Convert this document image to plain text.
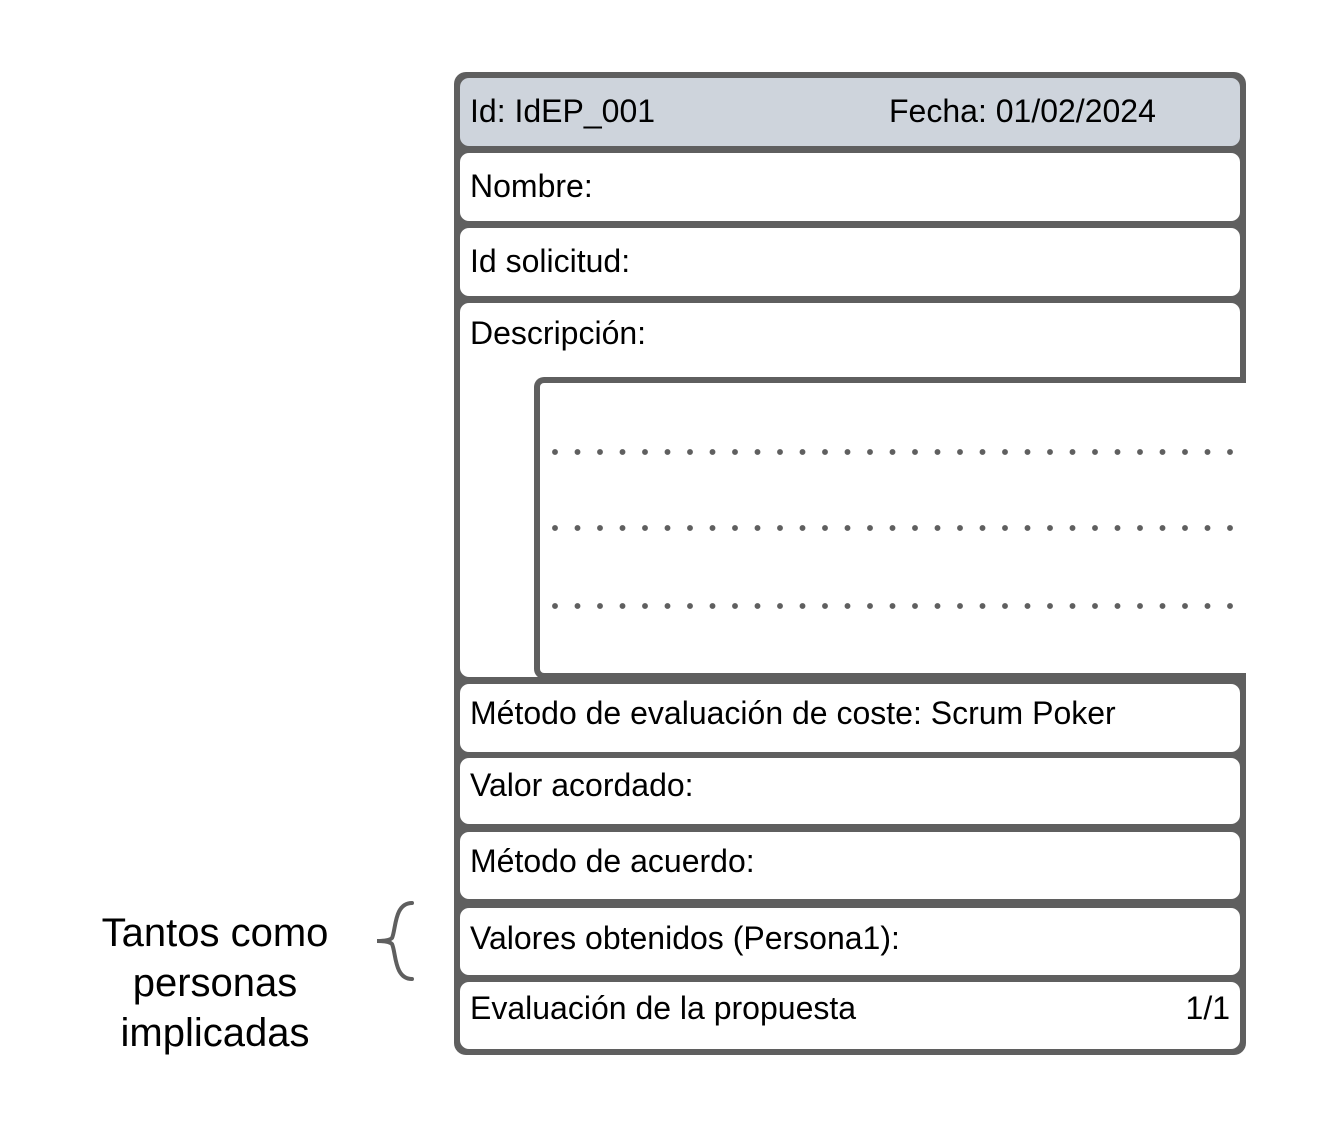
Id: IdEP_001	Fecha: 01/02/2024
Nombre:
Id solicitud:
Descripción:
Método de evaluación de coste: Scrum Poker
Valor acordado:
Método de acuerdo:
Valores obtenidos (Persona1):
Evaluación de la propuesta	1/1
Tantos como
personas
implicadas
